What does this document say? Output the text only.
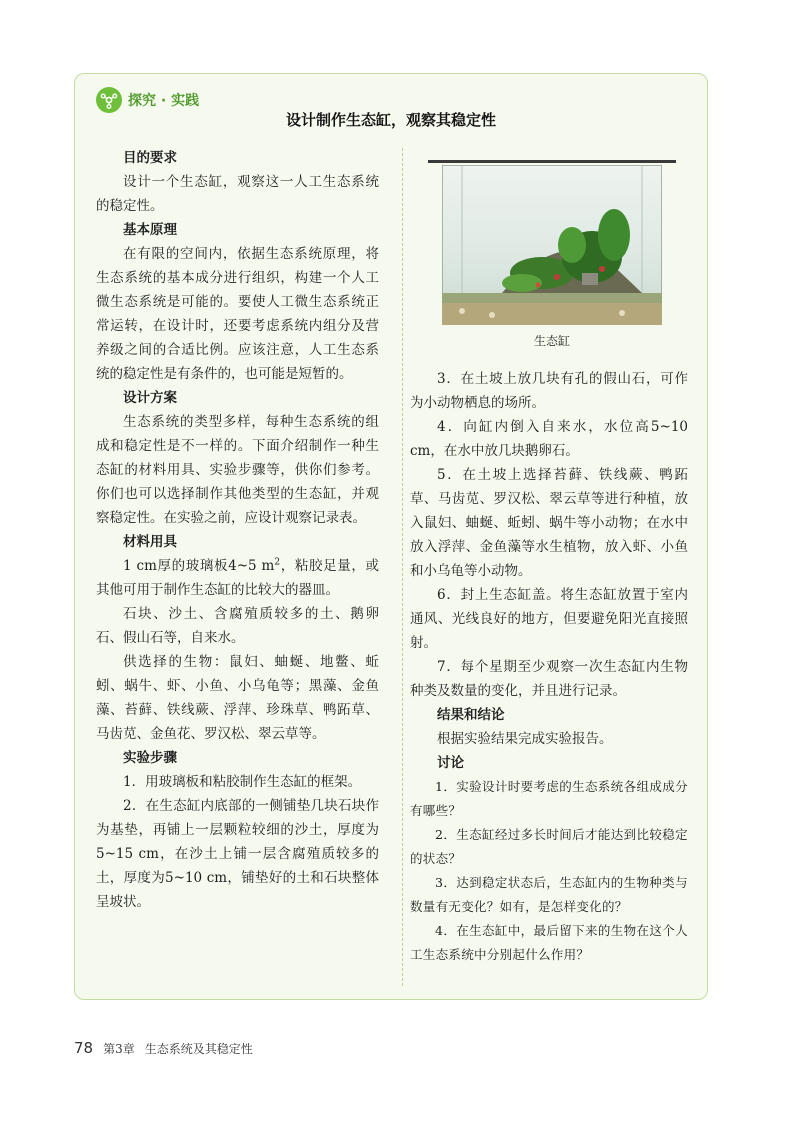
探究 · 实践
设计制作生态缸，观察其稳定性
目的要求

设计一个生态缸，观察这一人工生态系统的稳定性。

基本原理

在有限的空间内，依据生态系统原理，将生态系统的基本成分进行组织，构建一个人工微生态系统是可能的。要使人工微生态系统正常运转，在设计时，还要考虑系统内组分及营养级之间的合适比例。应该注意，人工生态系统的稳定性是有条件的，也可能是短暂的。

设计方案

生态系统的类型多样，每种生态系统的组成和稳定性是不一样的。下面介绍制作一种生态缸的材料用具、实验步骤等，供你们参考。你们也可以选择制作其他类型的生态缸，并观察稳定性。在实验之前，应设计观察记录表。

材料用具

1 cm厚的玻璃板4~5 $m^2$，粘胶足量，或其他可用于制作生态缸的比较大的器皿。

石块、沙土、含腐殖质较多的土、鹅卵石、假山石等，自来水。

供选择的生物：鼠妇、蚰蜒、地鳖、蚯蚓、蜗牛、虾、小鱼、小乌龟等；黑藻、金鱼藻、苔藓、铁线蕨、浮萍、珍珠草、鸭跖草、马齿苋、金鱼花、罗汉松、翠云草等。

实验步骤

1．用玻璃板和粘胶制作生态缸的框架。

2．在生态缸内底部的一侧铺垫几块石块作为基垫，再铺上一层颗粒较细的沙土，厚度为5~15 cm，在沙土上铺一层含腐殖质较多的土，厚度为5~10 cm，铺垫好的土和石块整体呈坡状。

生态缸

3．在土坡上放几块有孔的假山石，可作为小动物栖息的场所。

4．向缸内倒入自来水，水位高5~10 cm，在水中放几块鹅卵石。

5．在土坡上选择苔藓、铁线蕨、鸭跖草、马齿苋、罗汉松、翠云草等进行种植，放入鼠妇、蚰蜒、蚯蚓、蜗牛等小动物；在水中放入浮萍、金鱼藻等水生植物，放入虾、小鱼和小乌龟等小动物。

6．封上生态缸盖。将生态缸放置于室内通风、光线良好的地方，但要避免阳光直接照射。

7．每个星期至少观察一次生态缸内生物种类及数量的变化，并且进行记录。

结果和结论

根据实验结果完成实验报告。

讨论

1．实验设计时要考虑的生态系统各组成成分有哪些？

2．生态缸经过多长时间后才能达到比较稳定的状态？

3．达到稳定状态后，生态缸内的生物种类与数量有无变化？如有，是怎样变化的？

4．在生态缸中，最后留下来的生物在这个人工生态系统中分别起什么作用？

78 第3章 生态系统及其稳定性
